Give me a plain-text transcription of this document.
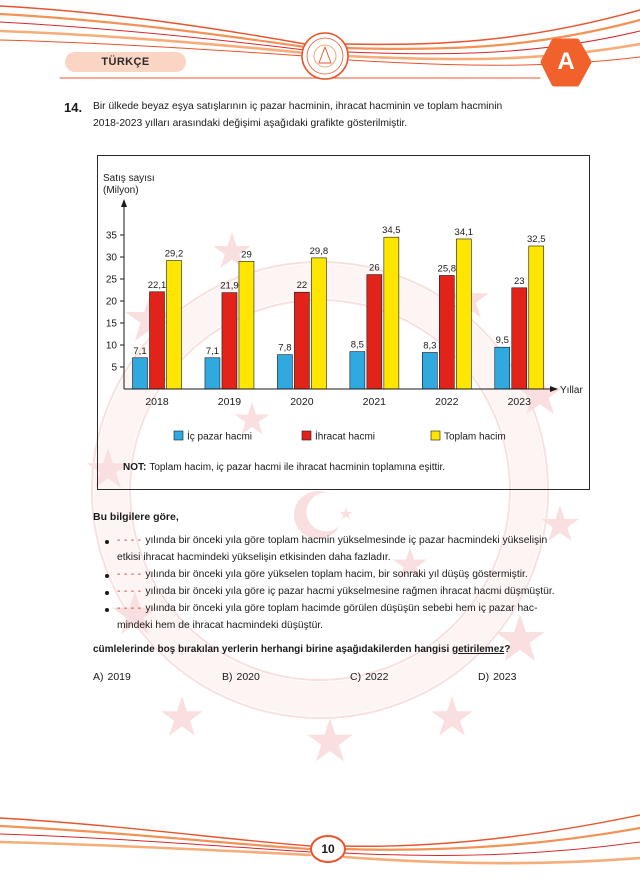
TÜRKÇE	A
14. Bir ülkede beyaz eşya satışlarının iç pazar hacminin, ihracat hacminin ve toplam hacminin
2018-2023 yılları arasındaki değişimi aşağıdaki grafikte gösterilmiştir.
Satış sayısı
(Milyon)
2018
7,1
22,1
29,2
2019
7,1
21,9
29
2020
7,8
22
29,8
2021
8,5
26
34,5
2022
8,3
25,8
34,1
2023
9,5
23
32,5
Yıllar
5
10
15
20
25
30
35
İç pazar hacmi	İhracat hacmi	Toplam hacim
NOT: Toplam hacim, iç pazar hacmi ile ihracat hacminin toplamına eşittir.
Bu bilgilere göre,
- - - - yılında bir önceki yıla göre toplam hacmin yükselmesinde iç pazar hacmindeki yükselişin
etkisi ihracat hacmindeki yükselişin etkisinden daha fazladır.
- - - - yılında bir önceki yıla göre yükselen toplam hacim, bir sonraki yıl düşüş göstermiştir.
- - - - yılında bir önceki yıla göre iç pazar hacmi yükselmesine rağmen ihracat hacmi düşmüştür.
- - - - yılında bir önceki yıla göre toplam hacimde görülen düşüşün sebebi hem iç pazar hac-
mindeki hem de ihracat hacmindeki düşüştür.
cümlelerinde boş bırakılan yerlerin herhangi birine aşağıdakilerden hangisi getirilemez?
A) 2019	B) 2020	C) 2022	D) 2023
10
